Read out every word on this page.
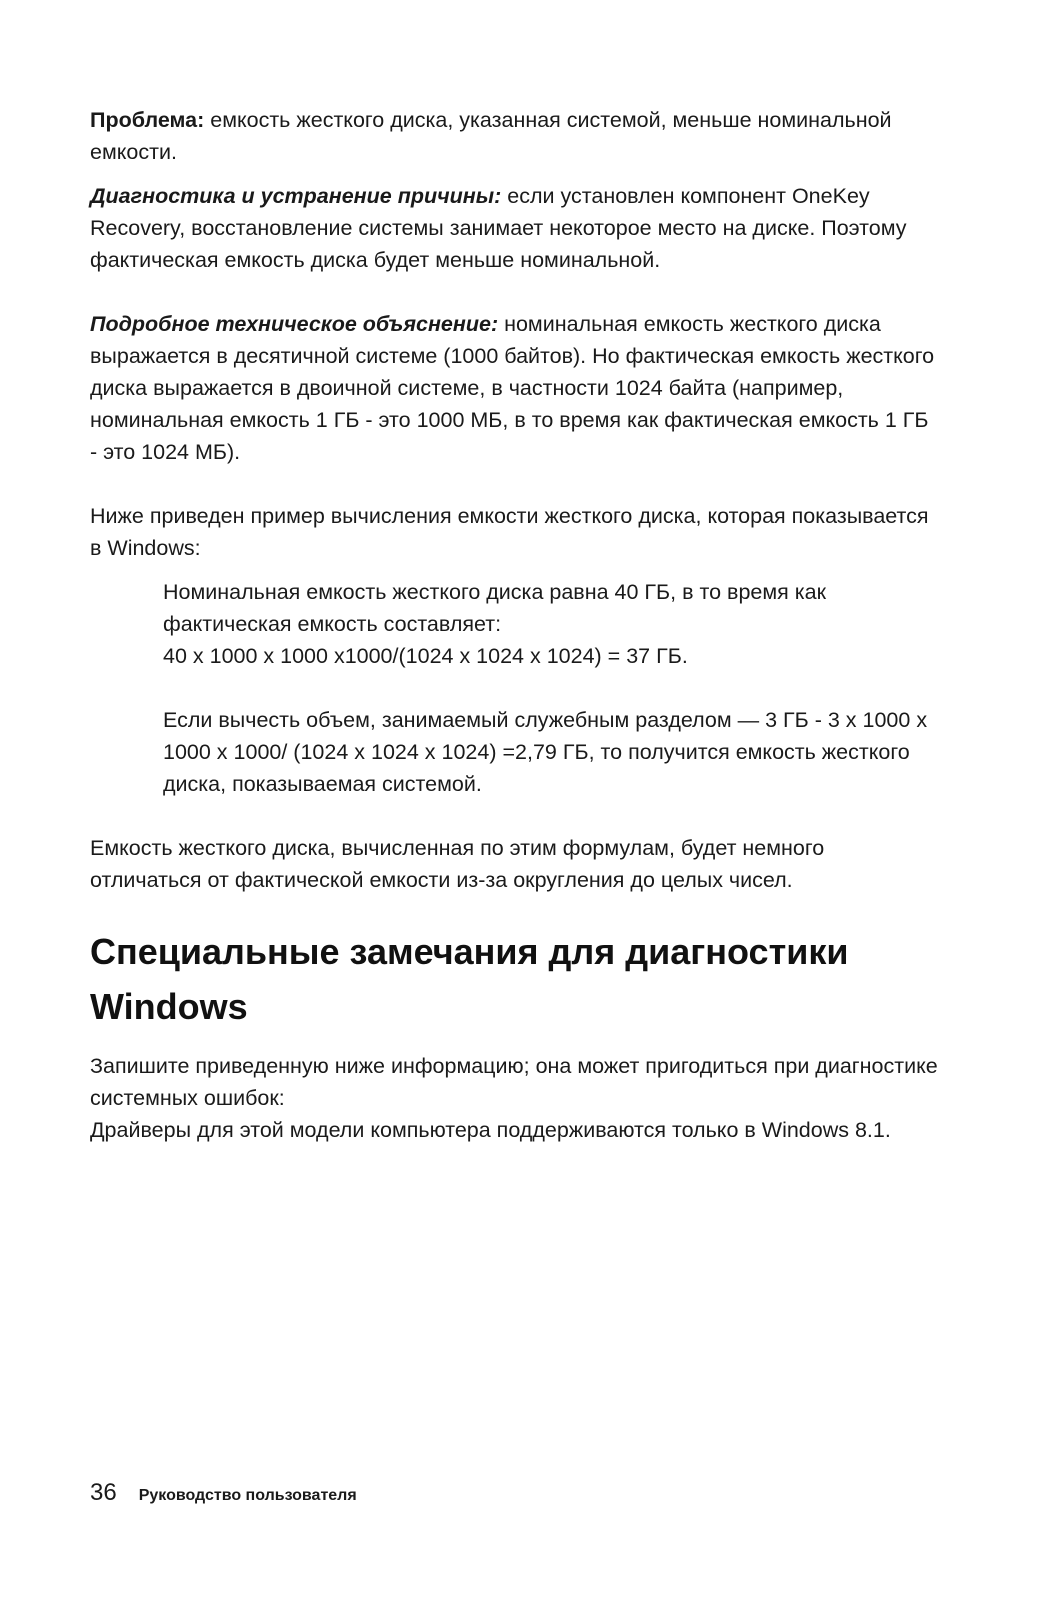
Проблема: емкость жесткого диска, указанная системой, меньше номинальной емкости.

Диагностика и устранение причины: если установлен компонент OneKey Recovery, восстановление системы занимает некоторое место на диске. Поэтому фактическая емкость диска будет меньше номинальной.

Подробное техническое объяснение: номинальная емкость жесткого диска выражается в десятичной системе (1000 байтов). Но фактическая емкость жесткого диска выражается в двоичной системе, в частности 1024 байта (например, номинальная емкость 1 ГБ - это 1000 МБ, в то время как фактическая емкость 1 ГБ - это 1024 МБ).

Ниже приведен пример вычисления емкости жесткого диска, которая показывается в Windows:

Номинальная емкость жесткого диска равна 40 ГБ, в то время как фактическая емкость составляет:

40 x 1000 x 1000 x1000/(1024 x 1024 x 1024) = 37 ГБ.

Если вычесть объем, занимаемый служебным разделом — 3 ГБ - 3 x 1000 x 1000 x 1000/ (1024 x 1024 x 1024) =2,79 ГБ, то получится емкость жесткого диска, показываемая системой.

Емкость жесткого диска, вычисленная по этим формулам, будет немного отличаться от фактической емкости из-за округления до целых чисел.

Специальные замечания для диагностики Windows

Запишите приведенную ниже информацию; она может пригодиться при диагностике системных ошибок:

Драйверы для этой модели компьютера поддерживаются только в Windows 8.1.

36 Руководство пользователя
